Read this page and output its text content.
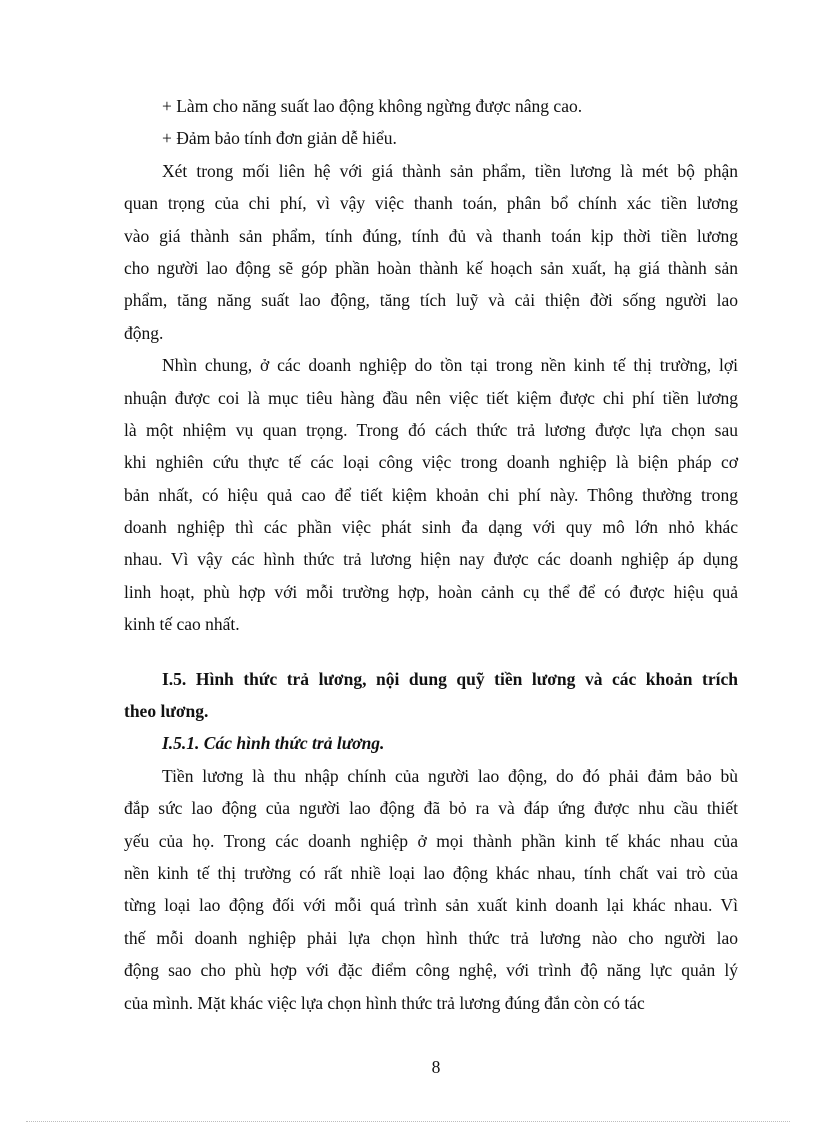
+ Làm cho năng suất lao động không ngừng được nâng cao.
+ Đảm bảo tính đơn giản dễ hiểu.
Xét trong mối liên hệ với giá thành sản phẩm, tiền lương là mét bộ phận
quan trọng của chi phí, vì vậy việc thanh toán, phân bổ chính xác tiền lương
vào giá thành sản phẩm, tính đúng, tính đủ và thanh toán kịp thời tiền lương
cho người lao động sẽ góp phần hoàn thành kế hoạch sản xuất, hạ giá thành sản
phẩm, tăng năng suất lao động, tăng tích luỹ và cải thiện đời sống người lao
động.
Nhìn chung, ở các doanh nghiệp do tồn tại trong nền kinh tế thị trường, lợi
nhuận được coi là mục tiêu hàng đầu nên việc tiết kiệm được chi phí tiền lương
là một nhiệm vụ quan trọng. Trong đó cách thức trả lương được lựa chọn sau
khi nghiên cứu thực tế các loại công việc trong doanh nghiệp là biện pháp cơ
bản nhất, có hiệu quả cao để tiết kiệm khoản chi phí này. Thông thường trong
doanh nghiệp thì các phần việc phát sinh đa dạng với quy mô lớn nhỏ khác
nhau. Vì vậy các hình thức trả lương hiện nay được các doanh nghiệp áp dụng
linh hoạt, phù hợp với mỗi trường hợp, hoàn cảnh cụ thể để có được hiệu quả
kinh tế cao nhất.
I.5. Hình thức trả lương, nội dung quỹ tiền lương và các khoản trích
theo lương.
I.5.1. Các hình thức trả lương.
Tiền lương là thu nhập chính của người lao động, do đó phải đảm bảo bù
đắp sức lao động của người lao động đã bỏ ra và đáp ứng được nhu cầu thiết
yếu của họ. Trong các doanh nghiệp ở mọi thành phần kinh tế khác nhau của
nền kinh tế thị trường có rất nhiề loại lao động khác nhau, tính chất vai trò của
từng loại lao động đối với mỗi quá trình sản xuất kinh doanh lại khác nhau. Vì
thế mỗi doanh nghiệp phải lựa chọn hình thức trả lương nào cho người lao
động sao cho phù hợp với đặc điểm công nghệ, với trình độ năng lực quản lý
của mình. Mặt khác việc lựa chọn hình thức trả lương đúng đắn còn có tác
8
